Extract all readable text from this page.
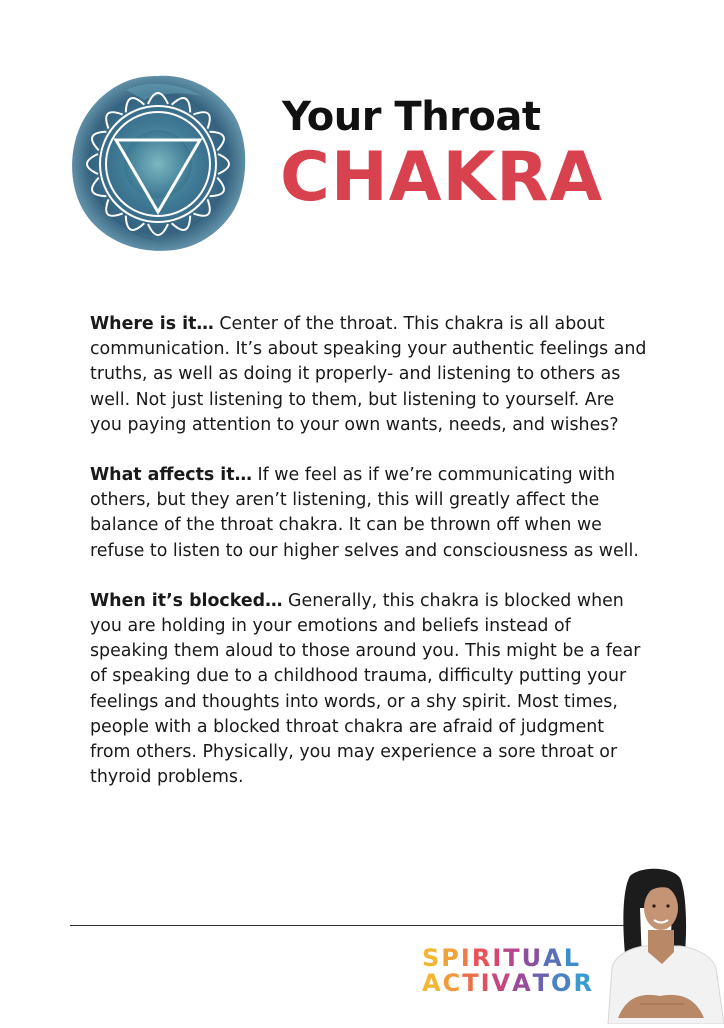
Your Throat
CHAKRA

Where is it… Center of the throat. This chakra is all about communication. It’s about speaking your authentic feelings and truths, as well as doing it properly- and listening to others as well. Not just listening to them, but listening to yourself. Are you paying attention to your own wants, needs, and wishes?

What affects it… If we feel as if we’re communicating with others, but they aren’t listening, this will greatly affect the balance of the throat chakra. It can be thrown off when we refuse to listen to our higher selves and consciousness as well.

When it’s blocked… Generally, this chakra is blocked when you are holding in your emotions and beliefs instead of speaking them aloud to those around you. This might be a fear of speaking due to a childhood trauma, difficulty putting your feelings and thoughts into words, or a shy spirit. Most times, people with a blocked throat chakra are afraid of judgment from others. Physically, you may experience a sore throat or thyroid problems.

SPIRITUAL
ACTIVATOR
